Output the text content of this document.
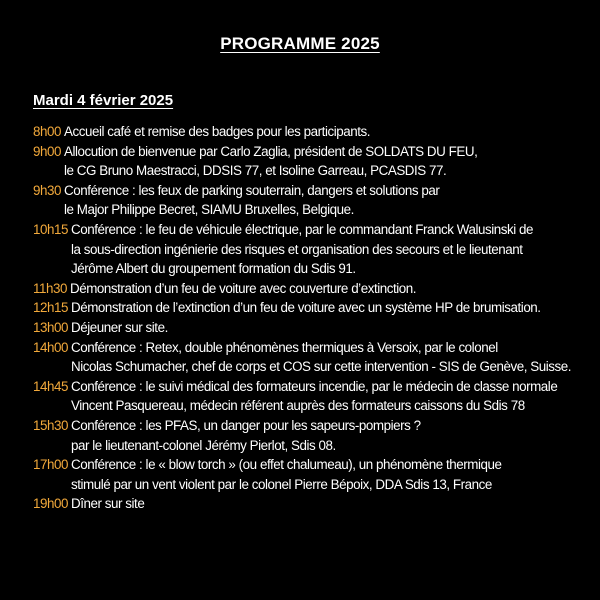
PROGRAMME 2025
Mardi 4 février 2025
8h00 Accueil café et remise des badges pour les participants.
9h00 Allocution de bienvenue par Carlo Zaglia, président de SOLDATS DU FEU,
le CG Bruno Maestracci, DDSIS 77, et Isoline Garreau, PCASDIS 77.
9h30 Conférence : les feux de parking souterrain, dangers et solutions par
le Major Philippe Becret, SIAMU Bruxelles, Belgique.
10h15 Conférence : le feu de véhicule électrique, par le commandant Franck Walusinski de
la sous-direction ingénierie des risques et organisation des secours et le lieutenant
Jérôme Albert du groupement formation du Sdis 91.
11h30 Démonstration d’un feu de voiture avec couverture d’extinction.
12h15 Démonstration de l’extinction d’un feu de voiture avec un système HP de brumisation.
13h00 Déjeuner sur site.
14h00 Conférence : Retex, double phénomènes thermiques à Versoix, par le colonel
Nicolas Schumacher, chef de corps et COS sur cette intervention - SIS de Genève, Suisse.
14h45 Conférence : le suivi médical des formateurs incendie, par le médecin de classe normale
Vincent Pasquereau, médecin référent auprès des formateurs caissons du Sdis 78
15h30 Conférence : les PFAS, un danger pour les sapeurs-pompiers ?
par le lieutenant-colonel Jérémy Pierlot, Sdis 08.
17h00 Conférence : le « blow torch » (ou effet chalumeau), un phénomène thermique
stimulé par un vent violent par le colonel Pierre Bépoix, DDA Sdis 13, France
19h00 Dîner sur site
